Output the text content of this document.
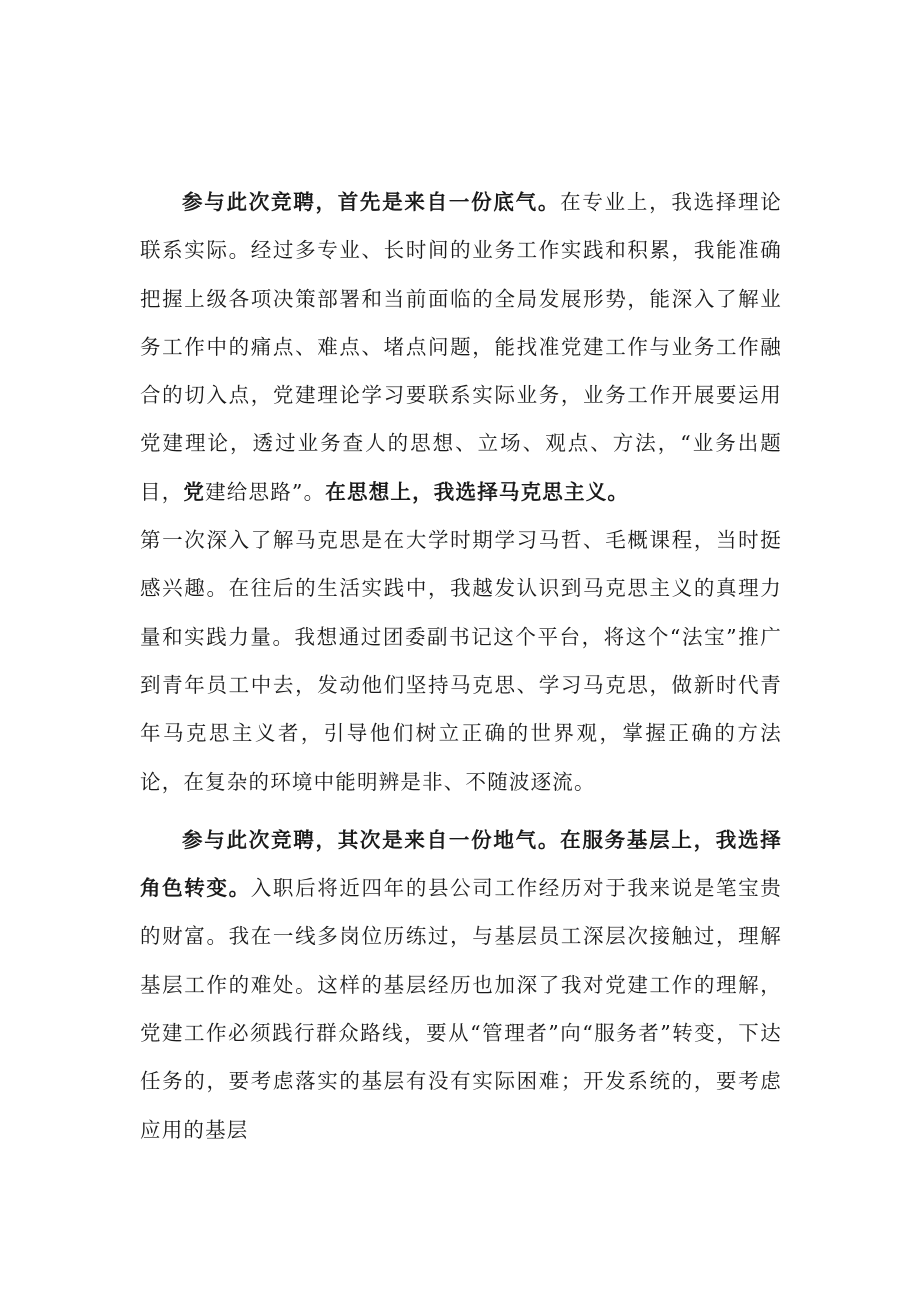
参与此次竞聘，首先是来自一份底气。在专业上，我选择理论联系实际。经过多专业、长时间的业务工作实践和积累，我能准确把握上级各项决策部署和当前面临的全局发展形势，能深入了解业务工作中的痛点、难点、堵点问题，能找准党建工作与业务工作融合的切入点，党建理论学习要联系实际业务，业务工作开展要运用党建理论，透过业务查人的思想、立场、观点、方法，“业务出题目，党建给思路”。在思想上，我选择马克思主义。

第一次深入了解马克思是在大学时期学习马哲、毛概课程，当时挺感兴趣。在往后的生活实践中，我越发认识到马克思主义的真理力量和实践力量。我想通过团委副书记这个平台，将这个“法宝”推广到青年员工中去，发动他们坚持马克思、学习马克思，做新时代青年马克思主义者，引导他们树立正确的世界观，掌握正确的方法论，在复杂的环境中能明辨是非、不随波逐流。

参与此次竞聘，其次是来自一份地气。在服务基层上，我选择角色转变。入职后将近四年的县公司工作经历对于我来说是笔宝贵的财富。我在一线多岗位历练过，与基层员工深层次接触过，理解基层工作的难处。这样的基层经历也加深了我对党建工作的理解，党建工作必须践行群众路线，要从“管理者”向“服务者”转变，下达任务的，要考虑落实的基层有没有实际困难；开发系统的，要考虑应用的基层
